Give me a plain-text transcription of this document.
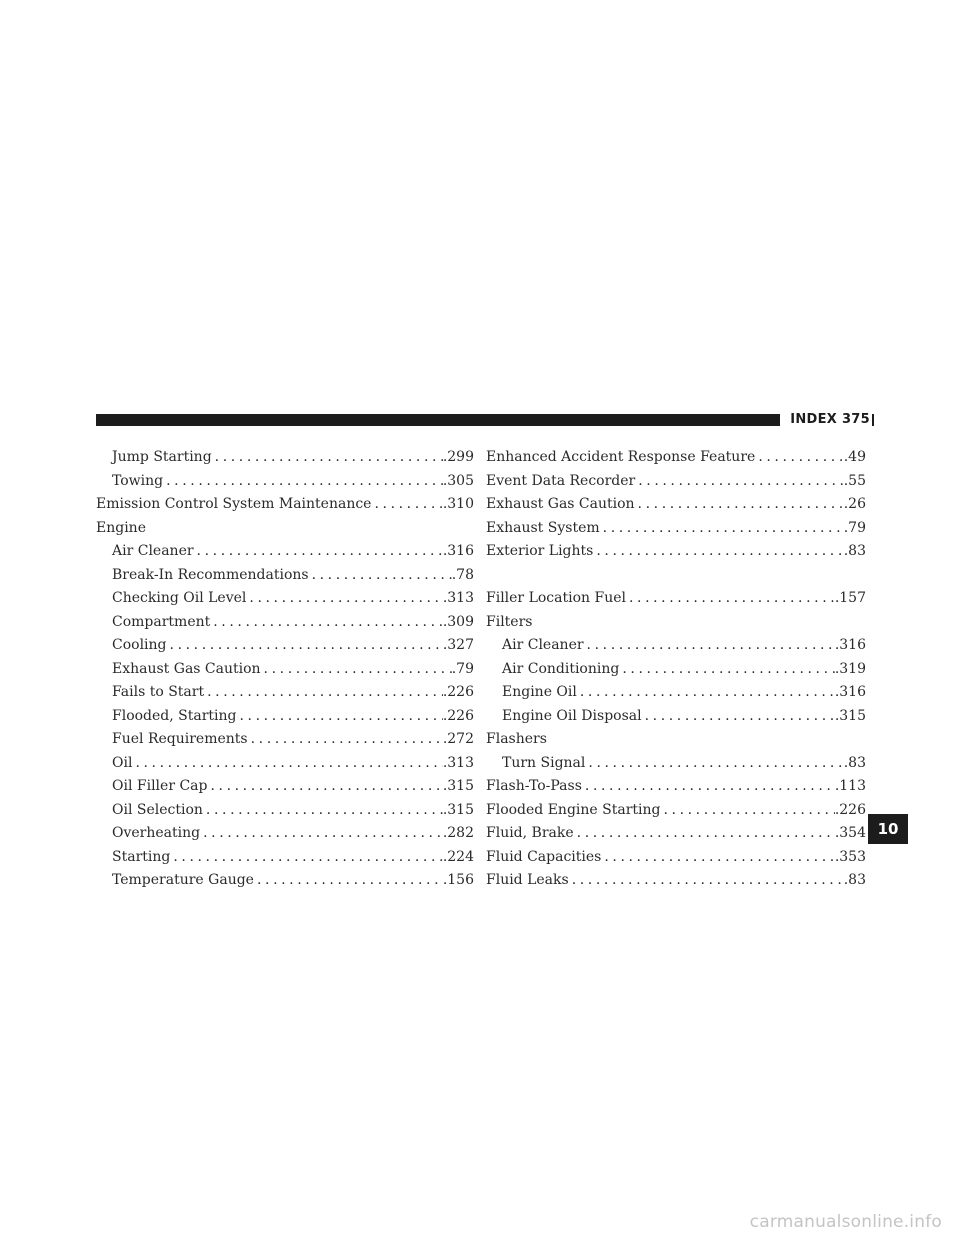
INDEX 375
Jump Starting .....	.299
Towing .....	.305
Emission Control System Maintenance .....	.310
Engine
Air Cleaner .....	.316
Break-In Recommendations .....	.78
Checking Oil Level .....	.313
Compartment .....	.309
Cooling .....	.327
Exhaust Gas Caution .....	.79
Fails to Start .....	.226
Flooded, Starting .....	.226
Fuel Requirements .....	.272
Oil .....	.313
Oil Filler Cap .....	.315
Oil Selection .....	.315
Overheating .....	.282
Starting .....	.224
Temperature Gauge .....	.156
Enhanced Accident Response Feature .....	.49
Event Data Recorder .....	.55
Exhaust Gas Caution .....	.26
Exhaust System .....	.79
Exterior Lights .....	.83
Filler Location Fuel .....	.157
Filters
Air Cleaner .....	.316
Air Conditioning .....	.319
Engine Oil .....	.316
Engine Oil Disposal .....	.315
Flashers
Turn Signal .....	.83
Flash-To-Pass .....	.113
Flooded Engine Starting .....	.226
Fluid, Brake .....	.354
Fluid Capacities .....	.353
Fluid Leaks .....	.83
10
carmanualsonline.info
